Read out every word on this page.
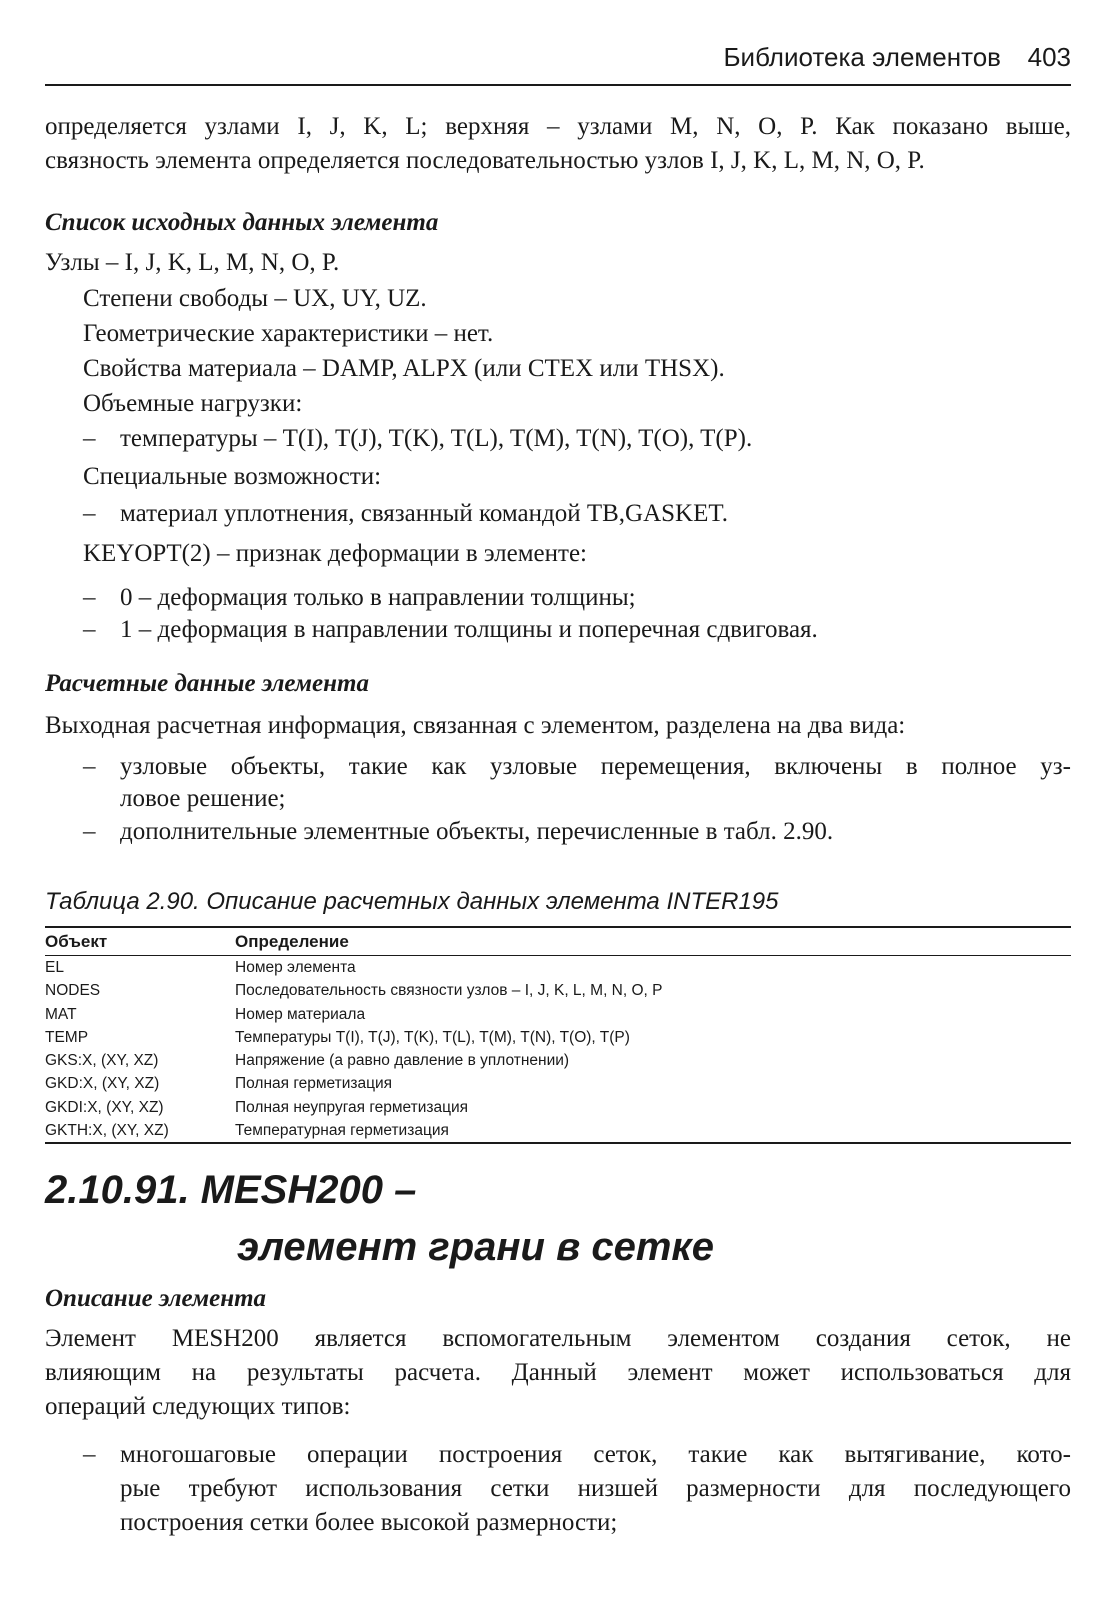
Библиотека элементов 403
определяется узлами I, J, K, L; верхняя – узлами M, N, O, P. Как показано выше,
связность элемента определяется последовательностью узлов I, J, K, L, M, N, O, P.
Список исходных данных элемента
Узлы – I, J, K, L, M, N, O, P.
Степени свободы – UX, UY, UZ.
Геометрические характеристики – нет.
Свойства материала – DAMP, ALPX (или CTEX или THSX).
Объемные нагрузки:
– температуры – T(I), T(J), T(K), T(L), T(M), T(N), T(O), T(P).
Специальные возможности:
– материал уплотнения, связанный командой TB,GASKET.
KEYOPT(2) – признак деформации в элементе:
– 0 – деформация только в направлении толщины;
– 1 – деформация в направлении толщины и поперечная сдвиговая.
Расчетные данные элемента
Выходная расчетная информация, связанная с элементом, разделена на два вида:
– узловые объекты, такие как узловые перемещения, включены в полное уз-
ловое решение;
– дополнительные элементные объекты, перечисленные в табл. 2.90.
Таблица 2.90. Описание расчетных данных элемента INTER195
Объект	Определение
EL	Номер элемента
NODES	Последовательность связности узлов – I, J, K, L, M, N, O, P
MAT	Номер материала
TEMP	Температуры T(I), T(J), T(K), T(L), T(M), T(N), T(O), T(P)
GKS:X, (XY, XZ)	Напряжение (а равно давление в уплотнении)
GKD:X, (XY, XZ)	Полная герметизация
GKDI:X, (XY, XZ)	Полная неупругая герметизация
GKTH:X, (XY, XZ)	Температурная герметизация
2.10.91. MESH200 –
элемент грани в сетке
Описание элемента
Элемент MESH200 является вспомогательным элементом создания сеток, не
влияющим на результаты расчета. Данный элемент может использоваться для
операций следующих типов:
– многошаговые операции построения сеток, такие как вытягивание, кото-
рые требуют использования сетки низшей размерности для последующего
построения сетки более высокой размерности;
